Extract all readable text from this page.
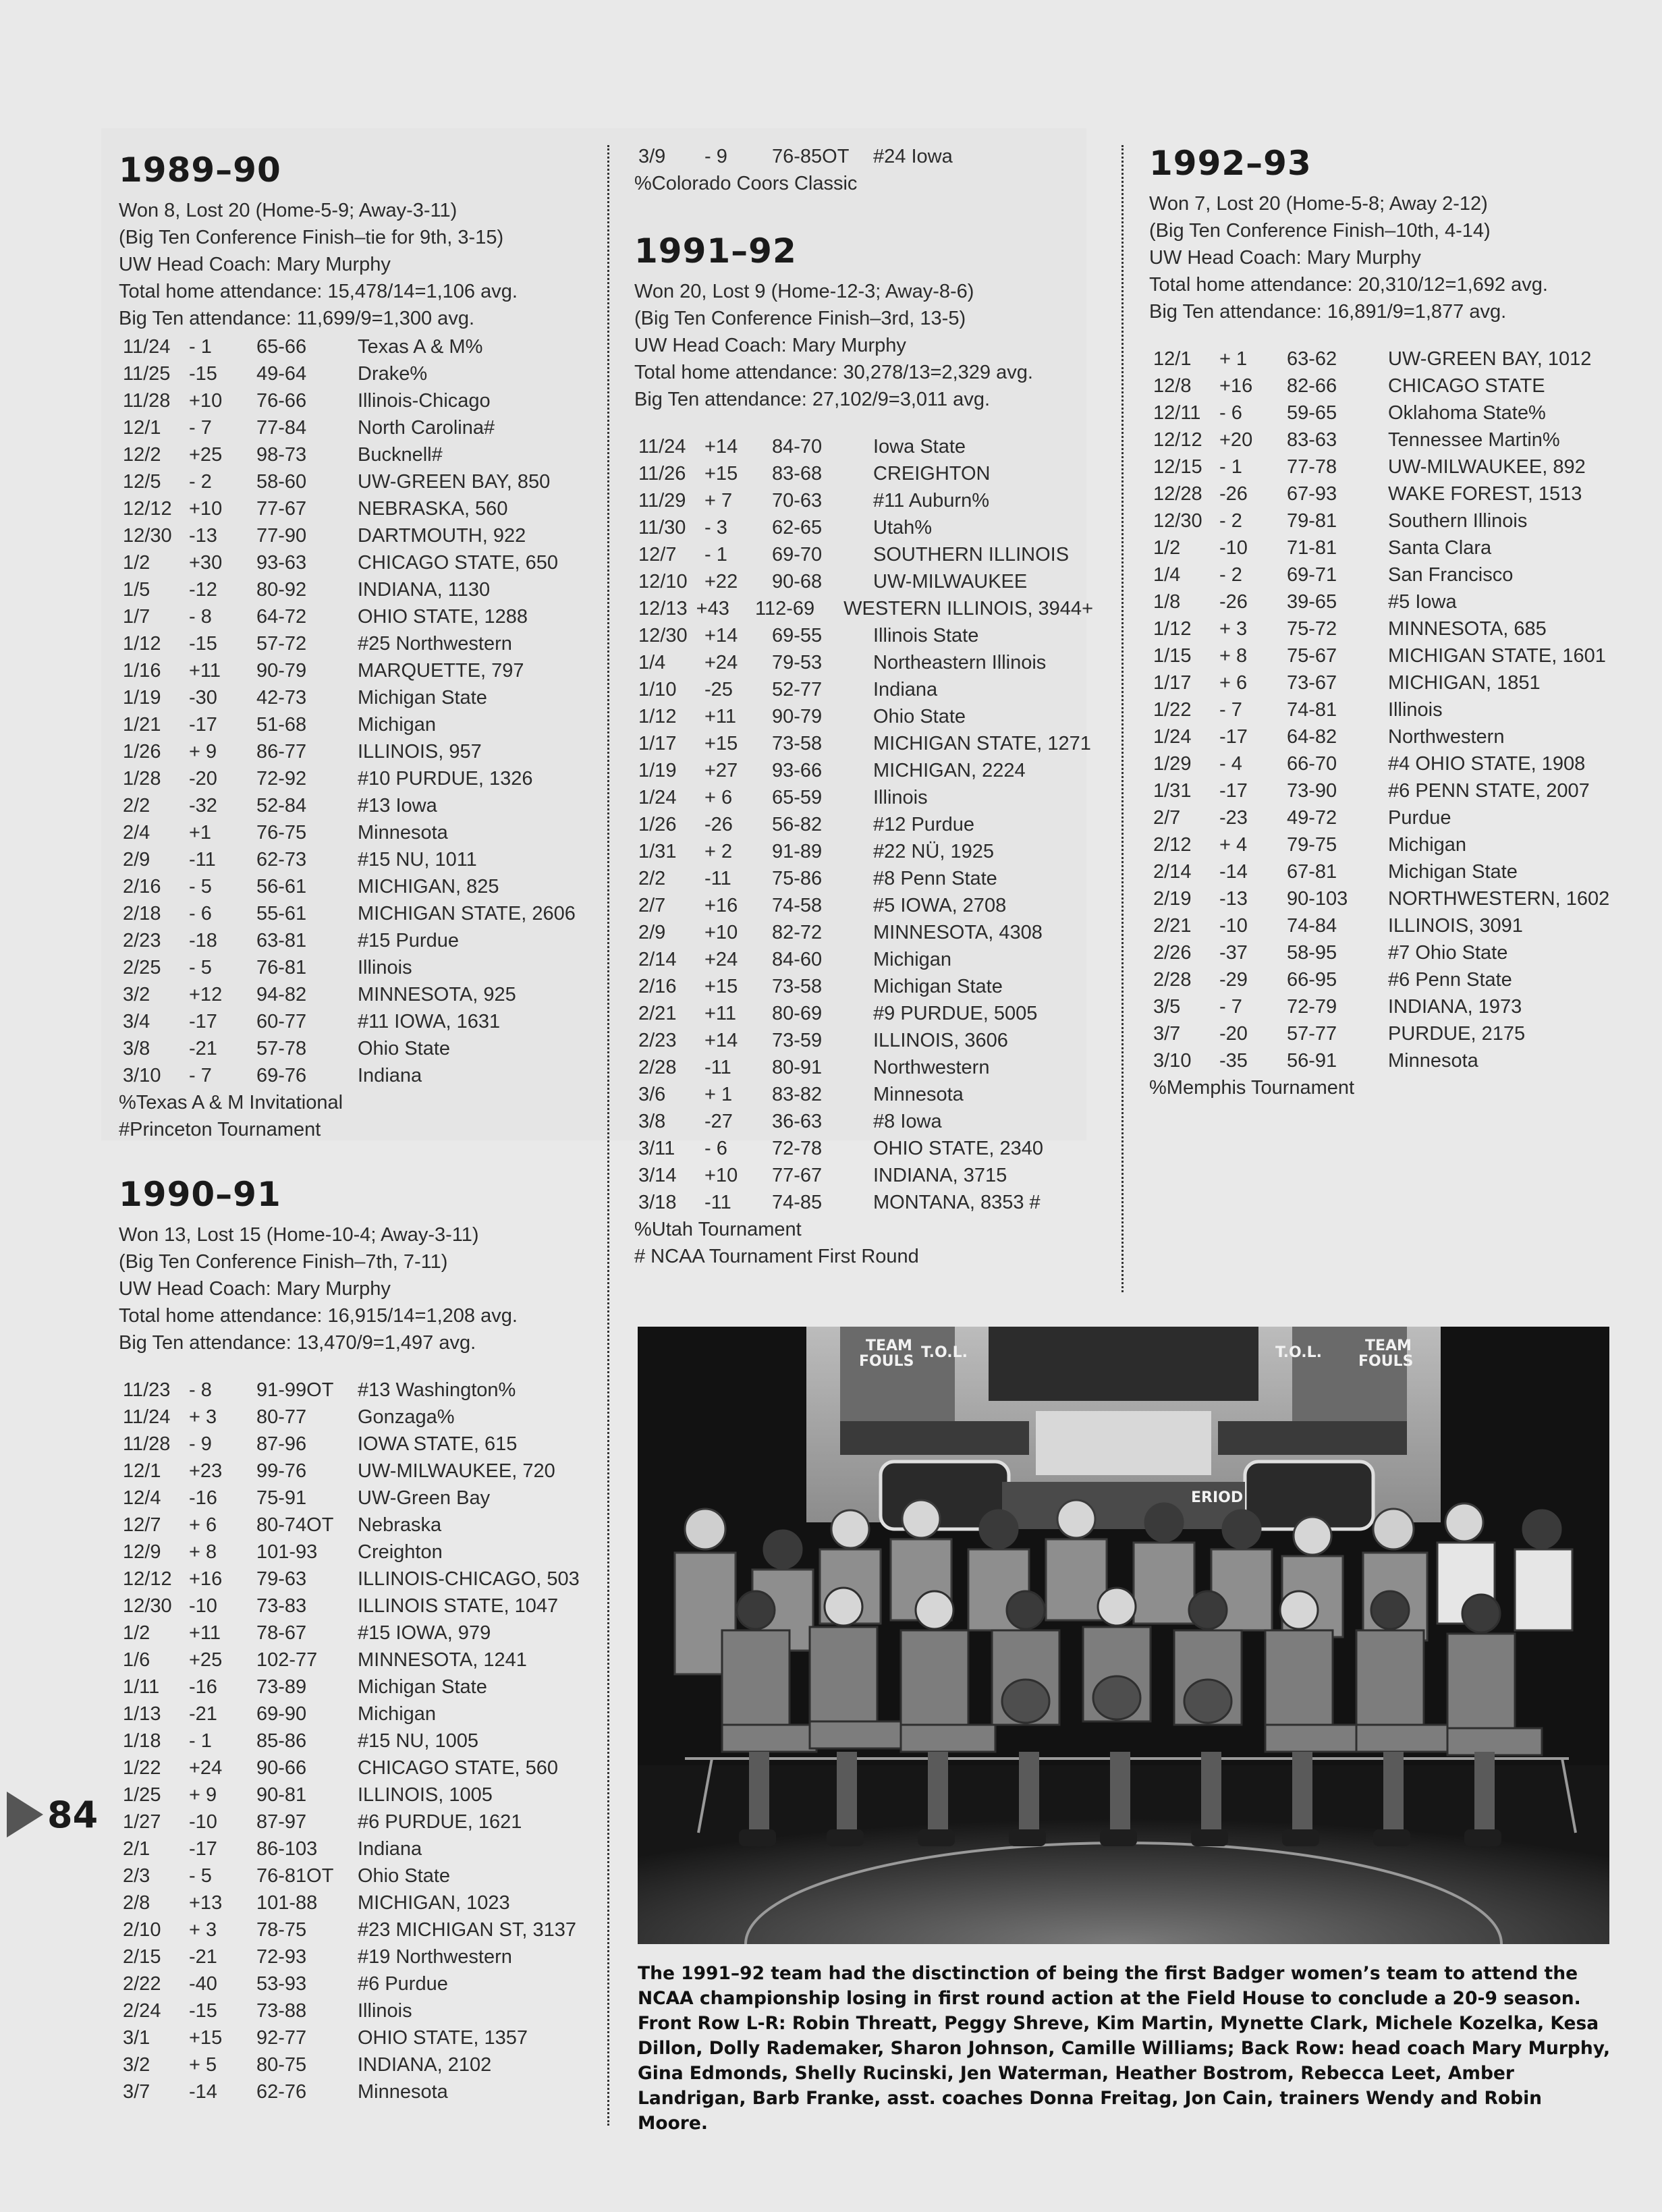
1989–90
Won 8, Lost 20 (Home-5-9; Away-3-11)
(Big Ten Conference Finish–tie for 9th, 3-15)
UW Head Coach: Mary Murphy
Total home attendance: 15,478/14=1,106 avg.
Big Ten attendance: 11,699/9=1,300 avg.
11/24 - 1	65-66	Texas A & M%
11/25 -15	49-64	Drake%
11/28 +10	76-66	Illinois-Chicago
12/1	- 7	77-84	North Carolina#
12/2	+25	98-73	Bucknell#
12/5	- 2	58-60	UW-GREEN BAY, 850
12/12 +10	77-67	NEBRASKA, 560
12/30 -13	77-90	DARTMOUTH, 922
1/2	+30	93-63	CHICAGO STATE, 650
1/5	-12	80-92	INDIANA, 1130
1/7	- 8	64-72	OHIO STATE, 1288
1/12	-15	57-72	#25 Northwestern
1/16	+11	90-79	MARQUETTE, 797
1/19	-30	42-73	Michigan State
1/21	-17	51-68	Michigan
1/26	+ 9	86-77	ILLINOIS, 957
1/28	-20	72-92	#10 PURDUE, 1326
2/2	-32	52-84	#13 Iowa
2/4	+1	76-75	Minnesota
2/9	-11	62-73	#15 NU, 1011
2/16	- 5	56-61	MICHIGAN, 825
2/18	- 6	55-61	MICHIGAN STATE, 2606
2/23	-18	63-81	#15 Purdue
2/25	- 5	76-81	Illinois
3/2	+12	94-82	MINNESOTA, 925
3/4	-17	60-77	#11 IOWA, 1631
3/8	-21	57-78	Ohio State
3/10	- 7	69-76	Indiana
%Texas A & M Invitational
#Princeton Tournament
1990–91
Won 13, Lost 15 (Home-10-4; Away-3-11)
(Big Ten Conference Finish–7th, 7-11)
UW Head Coach: Mary Murphy
Total home attendance: 16,915/14=1,208 avg.
Big Ten attendance: 13,470/9=1,497 avg.
11/23 - 8	91-99OT	#13 Washington%
11/24 + 3	80-77	Gonzaga%
11/28 - 9	87-96	IOWA STATE, 615
12/1	+23	99-76	UW-MILWAUKEE, 720
12/4	-16	75-91	UW-Green Bay
12/7	+ 6	80-74OT	Nebraska
12/9	+ 8	101-93	Creighton
12/12 +16	79-63	ILLINOIS-CHICAGO, 503
12/30 -10	73-83	ILLINOIS STATE, 1047
1/2	+11	78-67	#15 IOWA, 979
1/6	+25	102-77	MINNESOTA, 1241
1/11	-16	73-89	Michigan State
1/13	-21	69-90	Michigan
1/18	- 1	85-86	#15 NU, 1005
1/22	+24	90-66	CHICAGO STATE, 560
1/25	+ 9	90-81	ILLINOIS, 1005
1/27	-10	87-97	#6 PURDUE, 1621
2/1	-17	86-103	Indiana
2/3	- 5	76-81OT	Ohio State
2/8	+13	101-88	MICHIGAN, 1023
2/10	+ 3	78-75	#23 MICHIGAN ST, 3137
2/15	-21	72-93	#19 Northwestern
2/22	-40	53-93	#6 Purdue
2/24	-15	73-88	Illinois
3/1	+15	92-77	OHIO STATE, 1357
3/2	+ 5	80-75	INDIANA, 2102
3/7	-14	62-76	Minnesota
3/9	- 9	76-85OT	#24 Iowa
%Colorado Coors Classic
1991–92
Won 20, Lost 9 (Home-12-3; Away-8-6)
(Big Ten Conference Finish–3rd, 13-5)
UW Head Coach: Mary Murphy
Total home attendance: 30,278/13=2,329 avg.
Big Ten attendance: 27,102/9=3,011 avg.
11/24 +14	84-70	Iowa State
11/26 +15	83-68	CREIGHTON
11/29 + 7	70-63	#11 Auburn%
11/30 - 3	62-65	Utah%
12/7	- 1	69-70	SOUTHERN ILLINOIS
12/10 +22	90-68	UW-MILWAUKEE
12/13 +43	112-69	WESTERN ILLINOIS, 3944+
12/30 +14	69-55	Illinois State
1/4	+24	79-53	Northeastern Illinois
1/10	-25	52-77	Indiana
1/12	+11	90-79	Ohio State
1/17	+15	73-58	MICHIGAN STATE, 1271
1/19	+27	93-66	MICHIGAN, 2224
1/24	+ 6	65-59	Illinois
1/26	-26	56-82	#12 Purdue
1/31	+ 2	91-89	#22 NÜ, 1925
2/2	-11	75-86	#8 Penn State
2/7	+16	74-58	#5 IOWA, 2708
2/9	+10	82-72	MINNESOTA, 4308
2/14	+24	84-60	Michigan
2/16	+15	73-58	Michigan State
2/21	+11	80-69	#9 PURDUE, 5005
2/23	+14	73-59	ILLINOIS, 3606
2/28	-11	80-91	Northwestern
3/6	+ 1	83-82	Minnesota
3/8	-27	36-63	#8 Iowa
3/11	- 6	72-78	OHIO STATE, 2340
3/14	+10	77-67	INDIANA, 3715
3/18	-11	74-85	MONTANA, 8353 #
%Utah Tournament
# NCAA Tournament First Round
1992–93
Won 7, Lost 20 (Home-5-8; Away 2-12)
(Big Ten Conference Finish–10th, 4-14)
UW Head Coach: Mary Murphy
Total home attendance: 20,310/12=1,692 avg.
Big Ten attendance: 16,891/9=1,877 avg.
12/1	+ 1	63-62	UW-GREEN BAY, 1012
12/8	+16	82-66	CHICAGO STATE
12/11 - 6	59-65	Oklahoma State%
12/12 +20	83-63	Tennessee Martin%
12/15 - 1	77-78	UW-MILWAUKEE, 892
12/28 -26	67-93	WAKE FOREST, 1513
12/30 - 2	79-81	Southern Illinois
1/2	-10	71-81	Santa Clara
1/4	- 2	69-71	San Francisco
1/8	-26	39-65	#5 Iowa
1/12	+ 3	75-72	MINNESOTA, 685
1/15	+ 8	75-67	MICHIGAN STATE, 1601
1/17	+ 6	73-67	MICHIGAN, 1851
1/22	- 7	74-81	Illinois
1/24	-17	64-82	Northwestern
1/29	- 4	66-70	#4 OHIO STATE, 1908
1/31	-17	73-90	#6 PENN STATE, 2007
2/7	-23	49-72	Purdue
2/12	+ 4	79-75	Michigan
2/14	-14	67-81	Michigan State
2/19	-13	90-103	NORTHWESTERN, 1602
2/21	-10	74-84	ILLINOIS, 3091
2/26	-37	58-95	#7 Ohio State
2/28	-29	66-95	#6 Penn State
3/5	- 7	72-79	INDIANA, 1973
3/7	-20	57-77	PURDUE, 2175
3/10	-35	56-91	Minnesota
%Memphis Tournament
TEAM
FOULS
T.O.L.	T.O.L.	TEAM
FOULS
ERIOD
The 1991–92 team had the disctinction of being the first Badger women’s team to attend the NCAA championship losing in first round action at the Field House to conclude a 20-9 season. Front Row L-R: Robin Threatt, Peggy Shreve, Kim Martin, Mynette Clark, Michele Kozelka, Kesa Dillon, Dolly Rademaker, Sharon Johnson, Camille Williams; Back Row: head coach Mary Murphy, Gina Edmonds, Shelly Rucinski, Jen Waterman, Heather Bostrom, Rebecca Leet, Amber Landrigan, Barb Franke, asst. coaches Donna Freitag, Jon Cain, trainers Wendy and Robin Moore.
84
